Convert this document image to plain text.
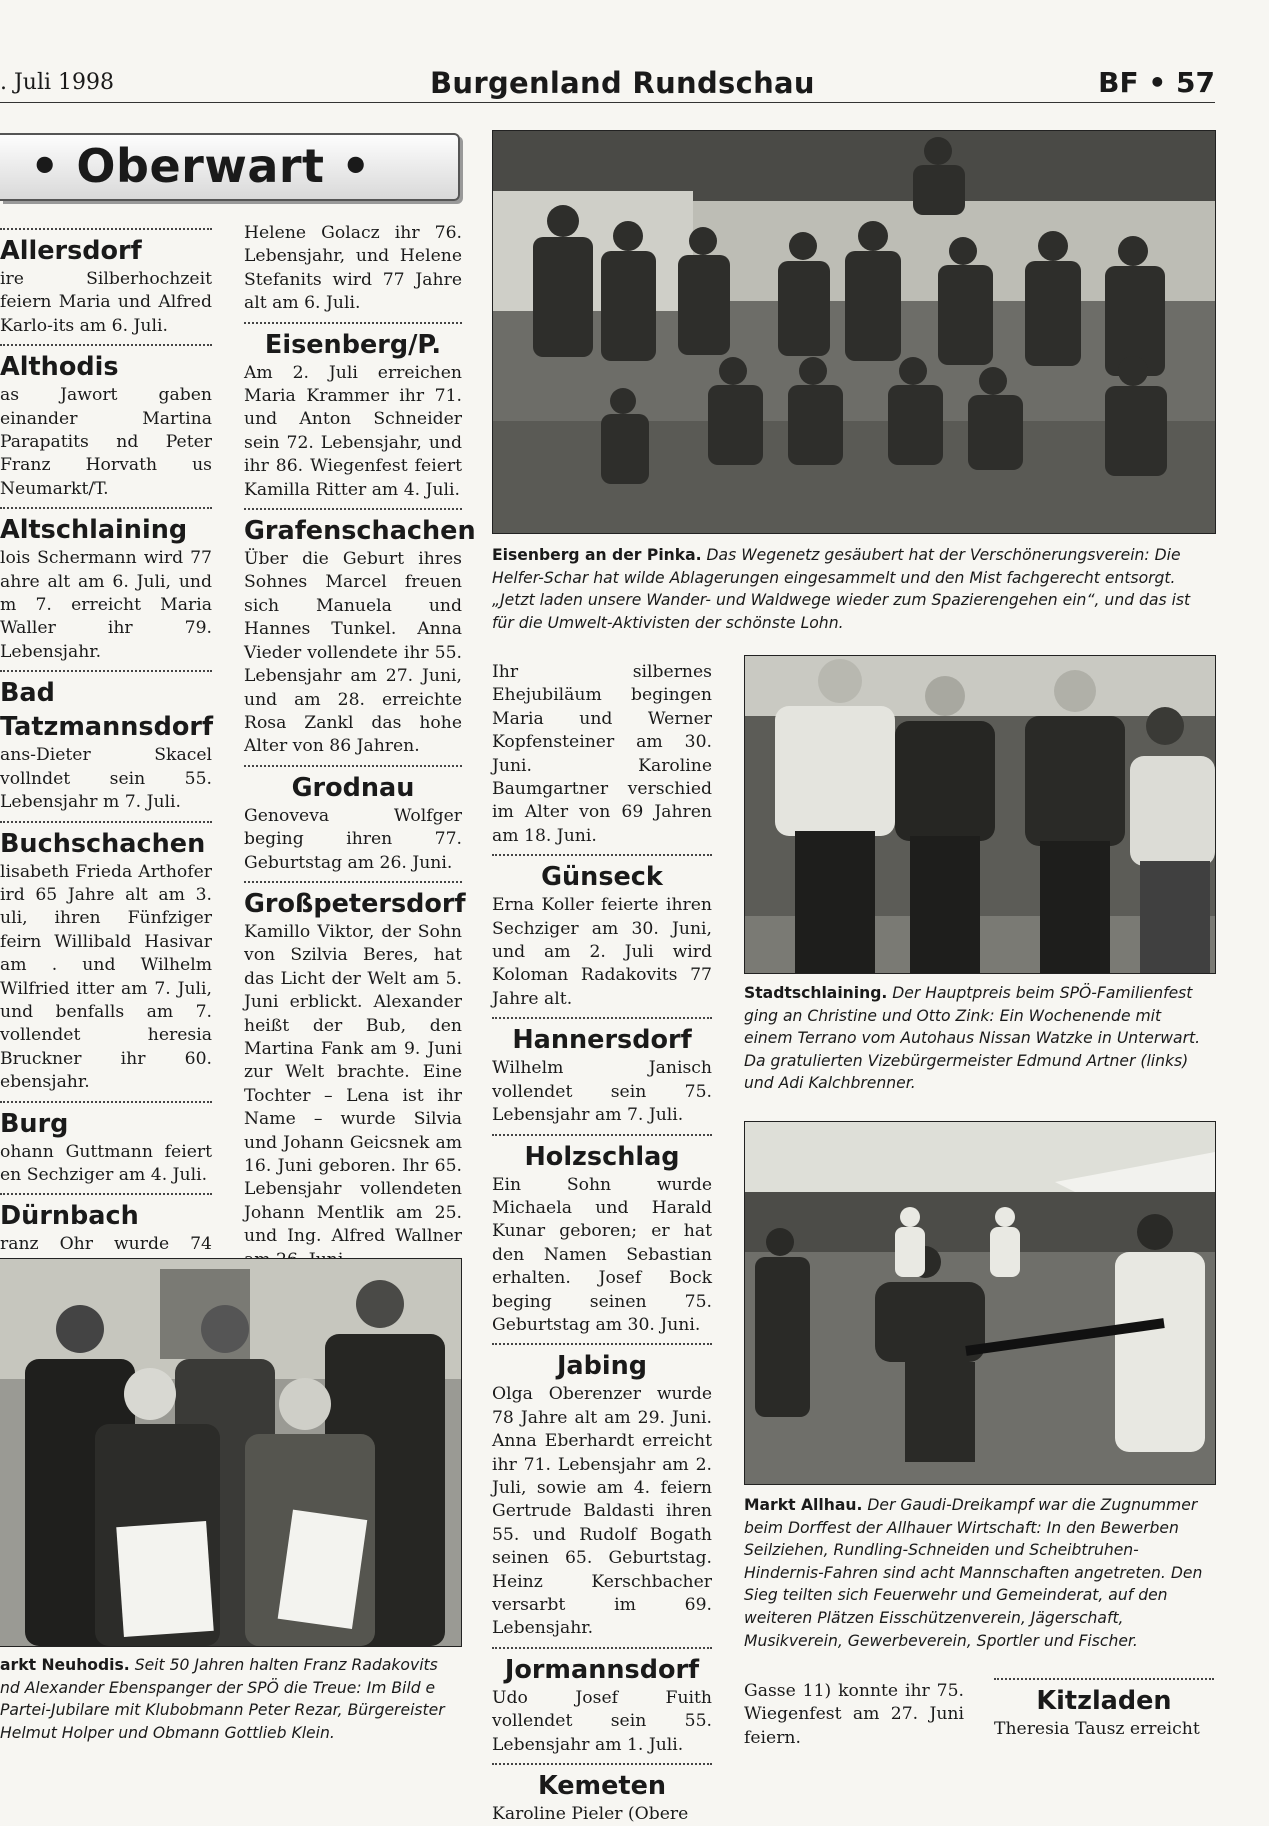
. Juli 1998	Burgenland Rundschau	BF • 57
• Oberwart •
Allersdorf

ire Silberhochzeit feiern Maria und Alfred Karlo-its am 6. Juli.

Althodis

as Jawort gaben einander Martina Parapatits nd Peter Franz Horvath us Neumarkt/T.

Altschlaining

lois Schermann wird 77 ahre alt am 6. Juli, und m 7. erreicht Maria Waller ihr 79. Lebensjahr.

Bad Tatzmannsdorf

ans-Dieter Skacel vollndet sein 55. Lebensjahr m 7. Juli.

Buchschachen

lisabeth Frieda Arthofer ird 65 Jahre alt am 3. uli, ihren Fünfziger feirn Willibald Hasivar am . und Wilhelm Wilfried itter am 7. Juli, und benfalls am 7. vollendet heresia Bruckner ihr 60. ebensjahr.

Burg

ohann Guttmann feiert en Sechziger am 4. Juli.

Dürnbach

ranz Ohr wurde 74

Helene Golacz ihr 76. Lebensjahr, und Helene Stefanits wird 77 Jahre alt am 6. Juli.

Eisenberg/P.

Am 2. Juli erreichen Maria Krammer ihr 71. und Anton Schneider sein 72. Lebensjahr, und ihr 86. Wiegenfest feiert Kamilla Ritter am 4. Juli.

Grafenschachen

Über die Geburt ihres Sohnes Marcel freuen sich Manuela und Hannes Tunkel. Anna Vieder vollendete ihr 55. Lebensjahr am 27. Juni, und am 28. erreichte Rosa Zankl das hohe Alter von 86 Jahren.

Grodnau

Genoveva Wolfger beging ihren 77. Geburtstag am 26. Juni.

Großpetersdorf

Kamillo Viktor, der Sohn von Szilvia Beres, hat das Licht der Welt am 5. Juni erblickt. Alexander heißt der Bub, den Martina Fank am 9. Juni zur Welt brachte. Eine Tochter – Lena ist ihr Name – wurde Silvia und Johann Geicsnek am 16. Juni geboren. Ihr 65. Lebensjahr vollendeten Johann Mentlik am 25. und Ing. Alfred Wallner

Ihr silbernes Ehejubiläum begingen Maria und Werner Kopfensteiner am 30. Juni. Karoline Baumgartner verschied im Alter von 69 Jahren am 18. Juni.

Günseck

Erna Koller feierte ihren Sechziger am 30. Juni, und am 2. Juli wird Koloman Radakovits 77 Jahre alt.

Hannersdorf

Wilhelm Janisch vollendet sein 75. Lebensjahr am 7. Juli.

Holzschlag

Ein Sohn wurde Michaela und Harald Kunar geboren; er hat den Namen Sebastian erhalten. Josef Bock beging seinen 75. Geburtstag am 30. Juni.

Jabing

Olga Oberenzer wurde 78 Jahre alt am 29. Juni. Anna Eberhardt erreicht ihr 71. Lebensjahr am 2. Juli, sowie am 4. feiern Gertrude Baldasti ihren 55. und Rudolf Bogath seinen 65. Geburtstag. Heinz Kerschbacher versarbt im 69. Lebensjahr.

Jormannsdorf

Udo Josef Fuith vollendet sein 55. Lebensjahr am 1. Juli.

Kemeten

Karoline Pieler (Obere

Gasse 11) konnte ihr 75. Wiegenfest am 27. Juni feiern.

Kitzladen

Theresia Tausz erreicht

Eisenberg an der Pinka. Das Wegenetz gesäubert hat der Verschönerungsverein: Die Helfer-Schar hat wilde Ablagerungen eingesammelt und den Mist fachgerecht entsorgt. „Jetzt laden unsere Wander- und Waldwege wieder zum Spazierengehen ein“, und das ist für die Umwelt-Aktivisten der schönste Lohn.
Stadtschlaining. Der Hauptpreis beim SPÖ-Familienfest ging an Christine und Otto Zink: Ein Wochenende mit einem Terrano vom Autohaus Nissan Watzke in Unterwart. Da gratulierten Vizebürgermeister Edmund Artner (links) und Adi Kalchbrenner.
Markt Allhau. Der Gaudi-Dreikampf war die Zugnummer beim Dorffest der Allhauer Wirtschaft: In den Bewerben Seilziehen, Rundling-Schneiden und Scheibtruhen-Hindernis-Fahren sind acht Mannschaften angetreten. Den Sieg teilten sich Feuerwehr und Gemeinderat, auf den weiteren Plätzen Eisschützenverein, Jägerschaft, Musikverein, Gewerbeverein, Sportler und Fischer.
arkt Neuhodis. Seit 50 Jahren halten Franz Radakovits nd Alexander Ebenspanger der SPÖ die Treue: Im Bild e Partei-Jubilare mit Klubobmann Peter Rezar, Bürgereister Helmut Holper und Obmann Gottlieb Klein.
